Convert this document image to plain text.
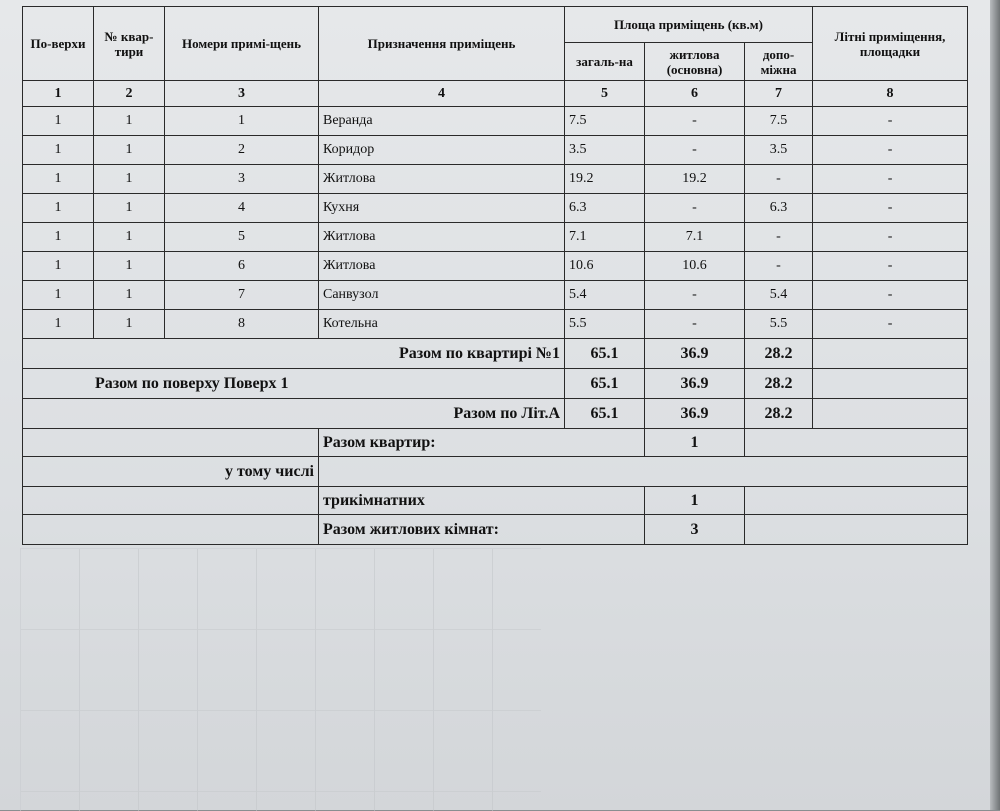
По-верхи	№ квар-тири	Номери примі-щень	Призначення приміщень	Площа приміщень (кв.м)			Літні приміщення, площадки
				загаль-на	житлова (основна)	допо-міжна	
1	2	3	4	5	6	7	8
1	1	1	Веранда	7.5	-	7.5	-
1	1	2	Коридор	3.5	-	3.5	-
1	1	3	Житлова	19.2	19.2	-	-
1	1	4	Кухня	6.3	-	6.3	-
1	1	5	Житлова	7.1	7.1	-	-
1	1	6	Житлова	10.6	10.6	-	-
1	1	7	Санвузол	5.4	-	5.4	-
1	1	8	Котельна	5.5	-	5.5	-
Разом по квартирі №1				65.1	36.9	28.2	
Разом по поверху Поверх 1				65.1	36.9	28.2	
Разом по Літ.А				65.1	36.9	28.2	
			Разом квартир:		1		
у тому числі							
			трикімнатних		1		
			Разом житлових кімнат:		3		
